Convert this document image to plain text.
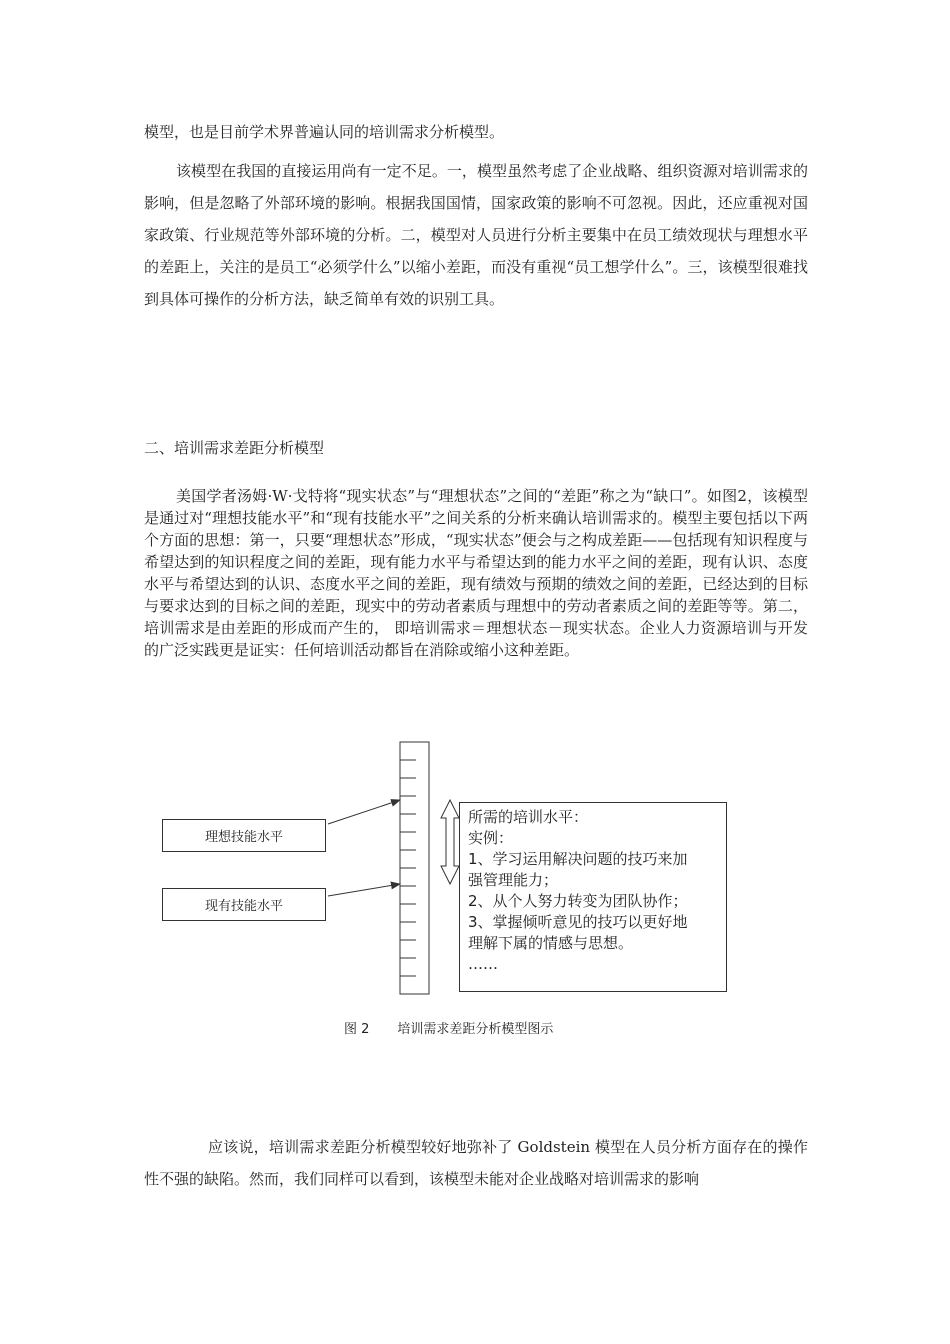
模型，也是目前学术界普遍认同的培训需求分析模型。

该模型在我国的直接运用尚有一定不足。一，模型虽然考虑了企业战略、组织资源对培训需求的影响，但是忽略了外部环境的影响。根据我国国情，国家政策的影响不可忽视。因此，还应重视对国家政策、行业规范等外部环境的分析。二，模型对人员进行分析主要集中在员工绩效现状与理想水平的差距上，关注的是员工“必须学什么”以缩小差距，而没有重视“员工想学什么”。三，该模型很难找到具体可操作的分析方法，缺乏简单有效的识别工具。

二、培训需求差距分析模型

美国学者汤姆·W·戈特将“现实状态”与“理想状态”之间的“差距”称之为“缺口”。如图2，该模型是通过对“理想技能水平”和“现有技能水平”之间关系的分析来确认培训需求的。模型主要包括以下两个方面的思想：第一，只要“理想状态”形成，“现实状态”便会与之构成差距——包括现有知识程度与希望达到的知识程度之间的差距，现有能力水平与希望达到的能力水平之间的差距，现有认识、态度水平与希望达到的认识、态度水平之间的差距，现有绩效与预期的绩效之间的差距，已经达到的目标与要求达到的目标之间的差距，现实中的劳动者素质与理想中的劳动者素质之间的差距等等。第二，培训需求是由差距的形成而产生的， 即培训需求＝理想状态－现实状态。企业人力资源培训与开发的广泛实践更是证实：任何培训活动都旨在消除或缩小这种差距。

理想技能水平
现有技能水平
所需的培训水平：
实例：
1、学习运用解决问题的技巧来加
强管理能力；
2、从个人努力转变为团队协作；
3、掌握倾听意见的技巧以更好地
理解下属的情感与思想。
……

图 2 培训需求差距分析模型图示

应该说，培训需求差距分析模型较好地弥补了 Goldstein 模型在人员分析方面存在的操作性不强的缺陷。然而，我们同样可以看到，该模型未能对企业战略对培训需求的影响
